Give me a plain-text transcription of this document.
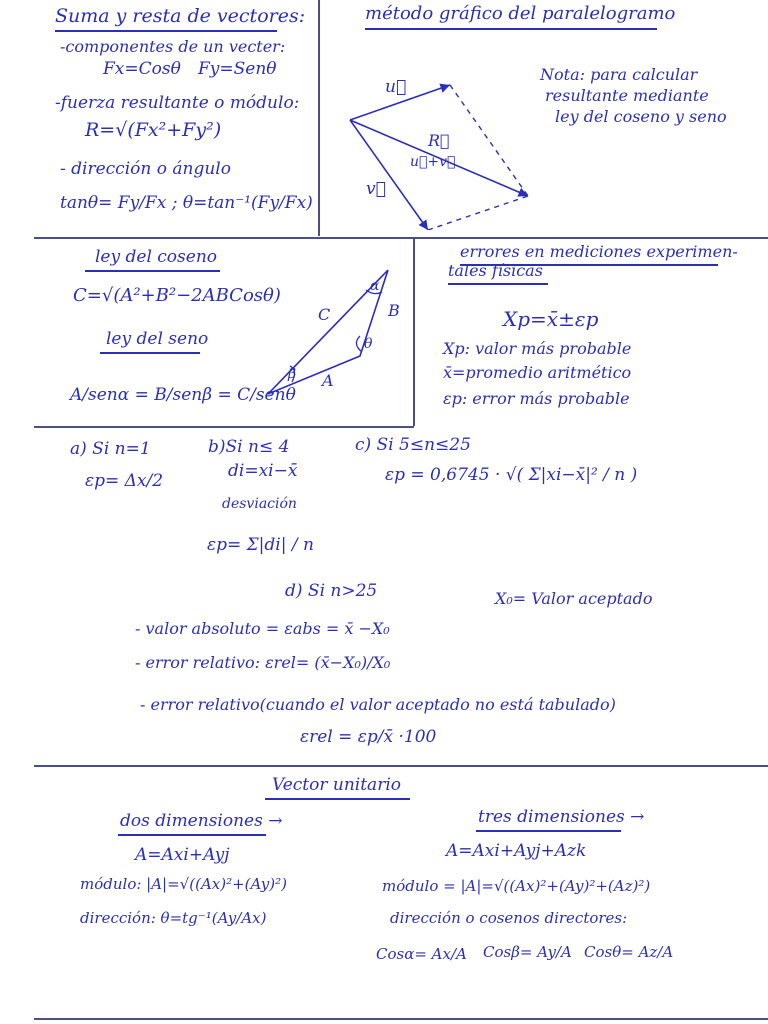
Suma y resta de vectores:
-componentes de un vecter:
Fx=Cosθ Fy=Senθ
-fuerza resultante o módulo:
R=√(Fx²+Fy²)
- dirección o ángulo
tanθ= Fy/Fx ; θ=tan⁻¹(Fy/Fx)
método gráfico del paralelogramo
u⃗
R⃗
u⃗+v⃗
v⃗
Nota: para calcular
resultante mediante
ley del coseno y seno
ley del coseno
C=√(A²+B²−2ABCosθ)
ley del seno
A/senα = B/senβ = C/senθ
C	B
A
α
β
θ
errores en mediciones experimen-
tales físicas
Xp=x̄±εp
Xp: valor más probable
x̄=promedio aritmético
εp: error más probable
a) Si n=1
εp= Δx/2
b)Si n≤ 4
di=xi−x̄
desviación
εp= Σ|di| / n
c) Si 5≤n≤25
εp = 0,6745 · √( Σ|xi−x̄|² / n )
d) Si n>25	X₀= Valor aceptado
- valor absoluto = εabs = x̄ −X₀
- error relativo: εrel= (x̄−X₀)/X₀
- error relativo(cuando el valor aceptado no está tabulado)
εrel = εp/x̄ ·100
Vector unitario
dos dimensiones →
A=Axi+Ayj
módulo: |A|=√((Ax)²+(Ay)²)
dirección: θ=tg⁻¹(Ay/Ax)
tres dimensiones →
A=Axi+Ayj+Azk
módulo = |A|=√((Ax)²+(Ay)²+(Az)²)
dirección o cosenos directores:
Cosα= Ax/A Cosβ= Ay/A Cosθ= Az/A
